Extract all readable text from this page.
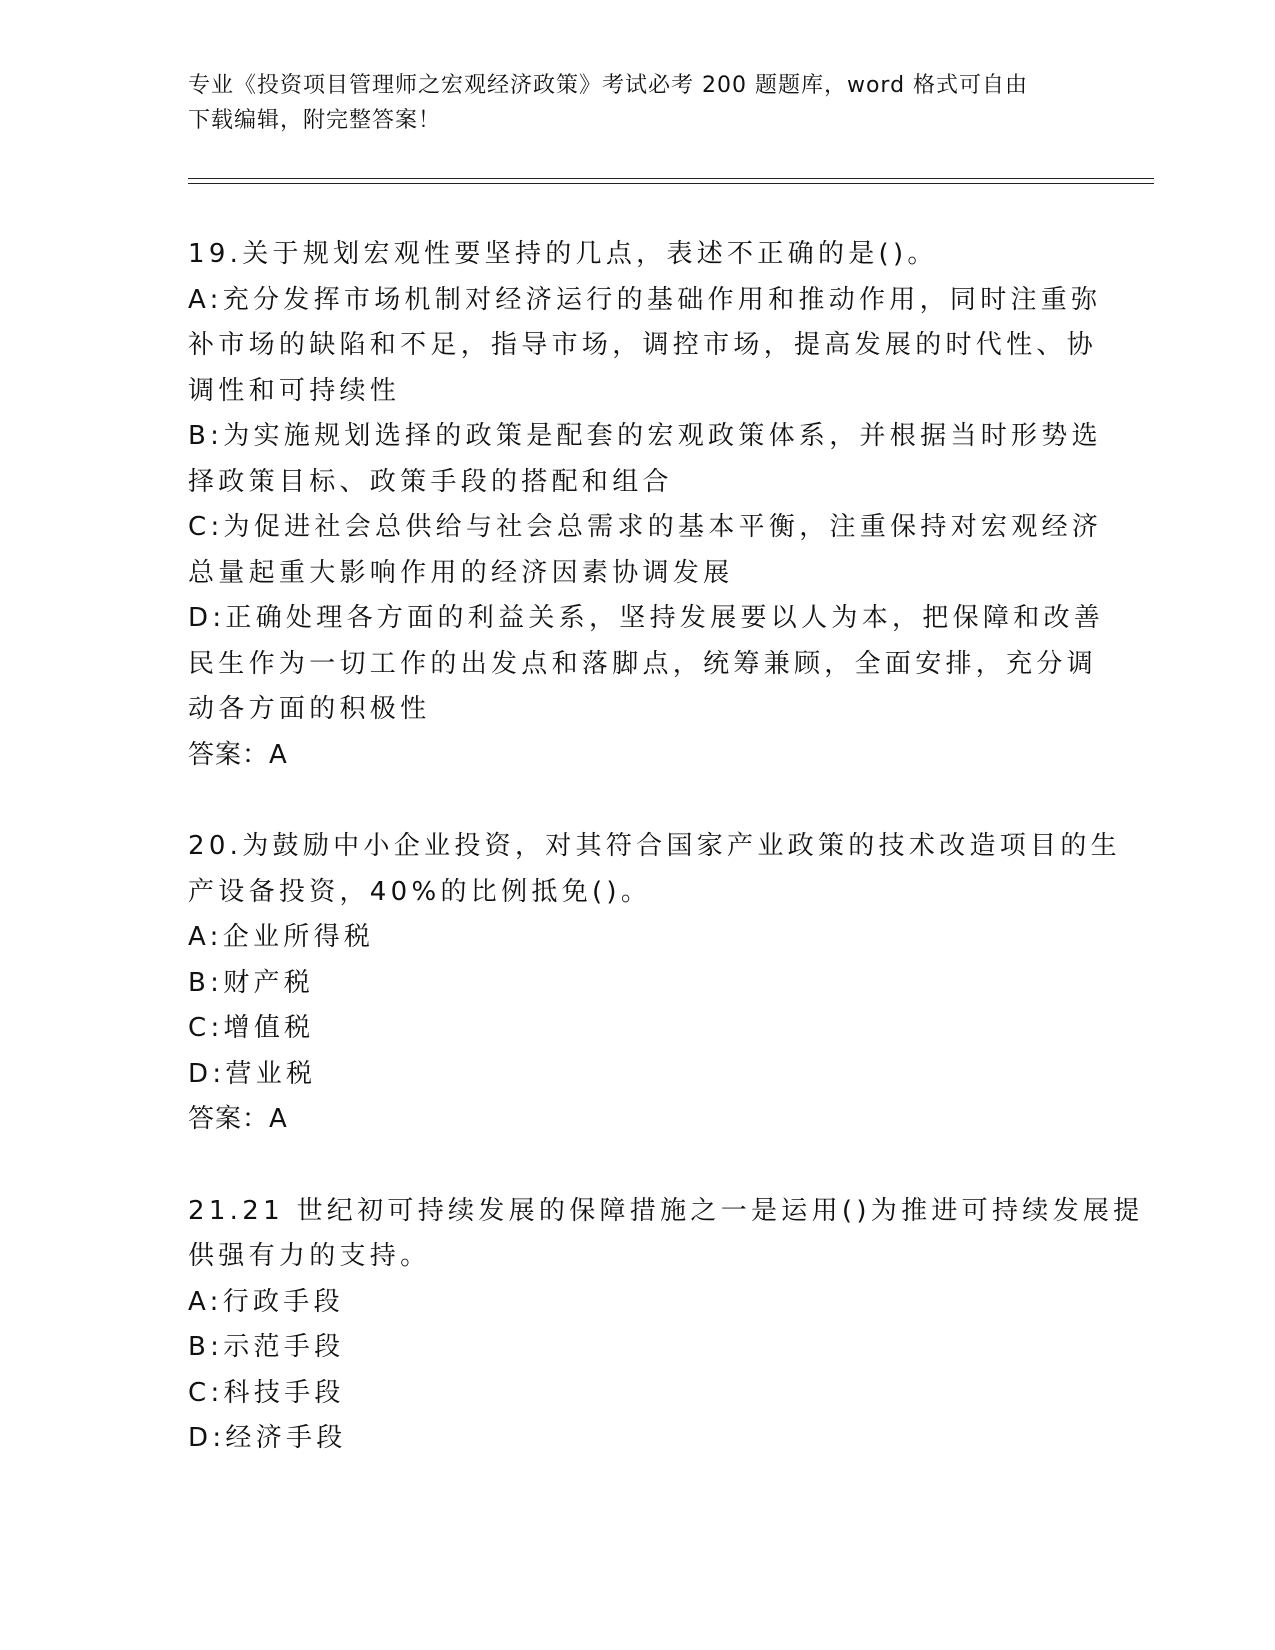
专业《投资项目管理师之宏观经济政策》考试必考 200 题题库，word 格式可自由

下载编辑，附完整答案！

19.关于规划宏观性要坚持的几点，表述不正确的是()。

A: 充分发挥市场机制对经济运行的基础作用和推动作用，同时注重弥

补市场的缺陷和不足，指导市场，调控市场，提高发展的时代性、协

调性和可持续性

B: 为实施规划选择的政策是配套的宏观政策体系，并根据当时形势选

择政策目标、政策手段的搭配和组合

C: 为促进社会总供给与社会总需求的基本平衡，注重保持对宏观经济

总量起重大影响作用的经济因素协调发展

D: 正确处理各方面的利益关系，坚持发展要以人为本，把保障和改善

民生作为一切工作的出发点和落脚点，统筹兼顾，全面安排，充分调

动各方面的积极性

答案：A

20.为鼓励中小企业投资，对其符合国家产业政策的技术改造项目的生

产设备投资，40%的比例抵免()。

A: 企业所得税
B: 财产税
C: 增值税
D: 营业税

答案：A

21.21 世纪初可持续发展的保障措施之一是运用()为推进可持续发展提

供强有力的支持。

A: 行政手段
B: 示范手段
C: 科技手段
D: 经济手段
